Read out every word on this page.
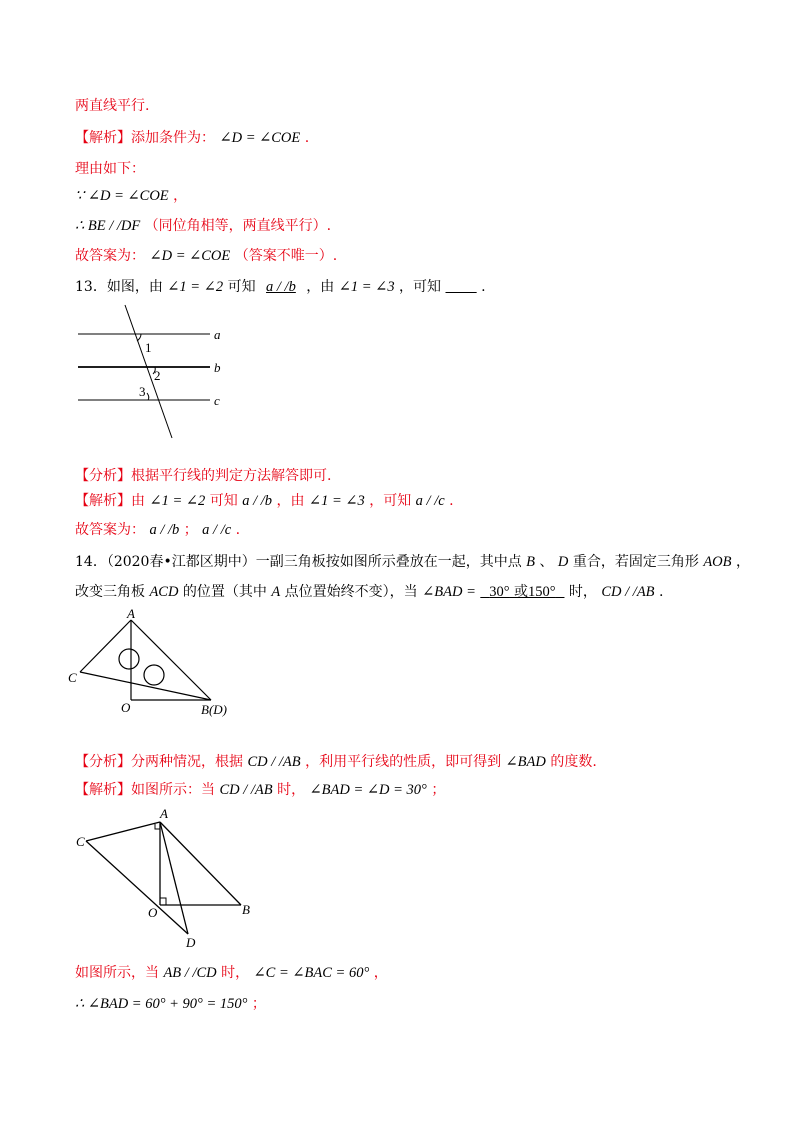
两直线平行.
【解析】添加条件为： ∠D = ∠COE .
理由如下：
∵ ∠D = ∠COE ，
∴ BE / /DF （同位角相等，两直线平行）.
故答案为： ∠D = ∠COE （答案不唯一）.
13．如图，由 ∠1 = ∠2 可知 a / /b ，由 ∠1 = ∠3 ，可知	.
a
b
c
1
2
3
【分析】根据平行线的判定方法解答即可.
【解析】由 ∠1 = ∠2 可知 a / /b ，由 ∠1 = ∠3 ，可知 a / /c .
故答案为： a / /b ； a / /c .
14．（2020春•江都区期中）一副三角板按如图所示叠放在一起，其中点 B 、 D 重合，若固定三角形 AOB ，
改变三角板 ACD 的位置（其中 A 点位置始终不变），当 ∠BAD = 30° 或150° 时， CD / /AB .
A
C
O	B(D)
【分析】分两种情况，根据 CD / /AB ，利用平行线的性质，即可得到 ∠BAD 的度数.
【解析】如图所示：当 CD / /AB 时， ∠BAD = ∠D = 30° ；
A
C
O	B
D
如图所示，当 AB / /CD 时， ∠C = ∠BAC = 60° ，
∴ ∠BAD = 60° + 90° = 150° ；
